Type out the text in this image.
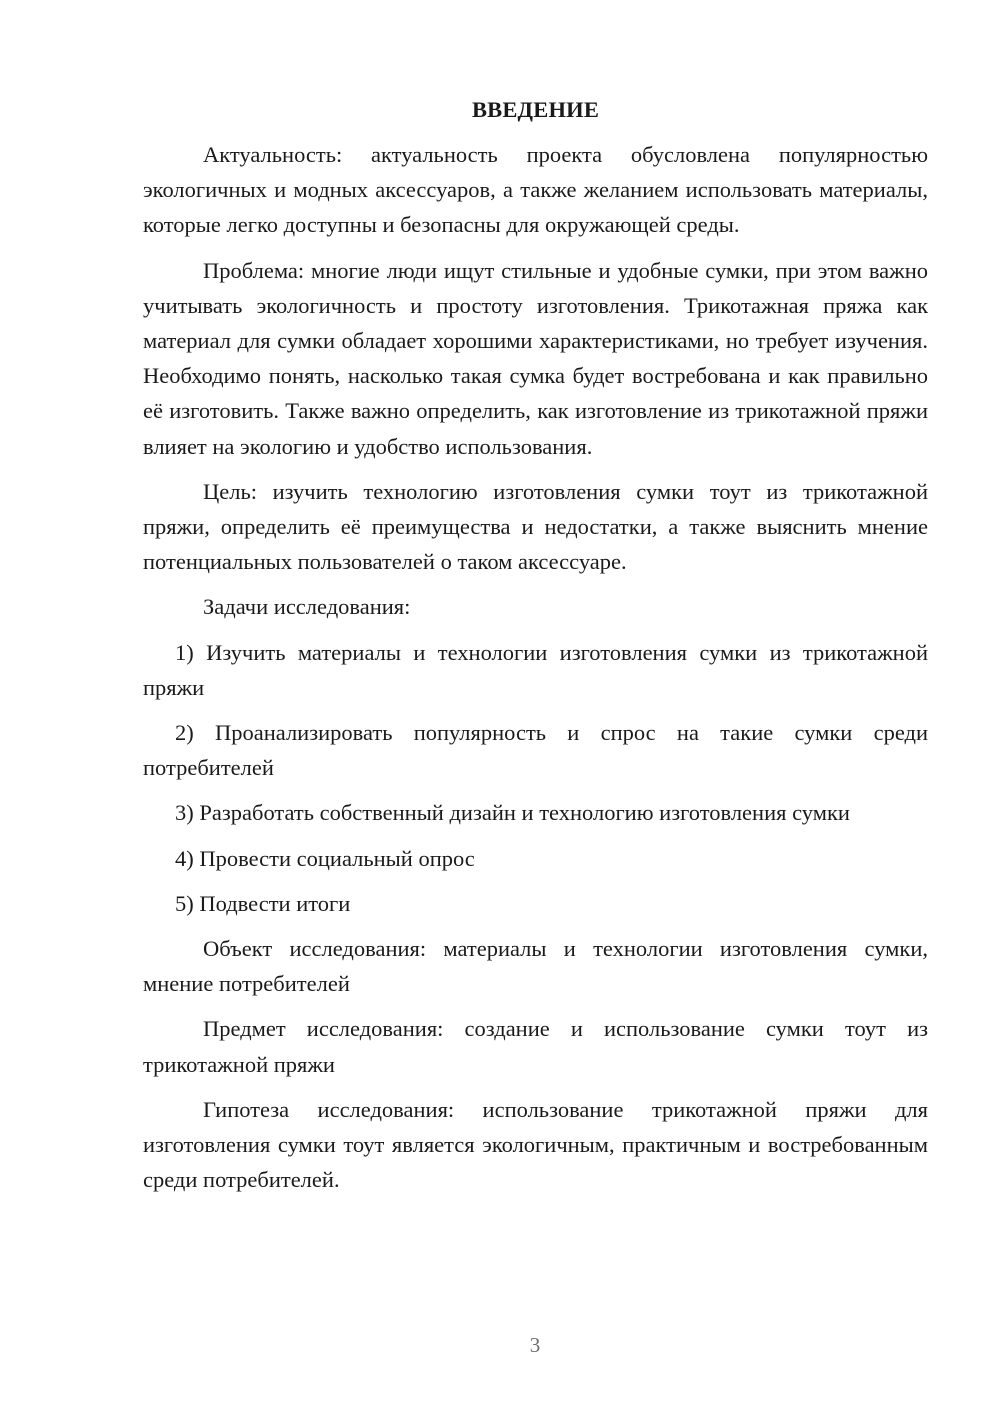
ВВЕДЕНИЕ

Актуальность: актуальность проекта обусловлена популярностью экологичных и модных аксессуаров, а также желанием использовать материалы, которые легко доступны и безопасны для окружающей среды.

Проблема: многие люди ищут стильные и удобные сумки, при этом важно учитывать экологичность и простоту изготовления. Трикотажная пряжа как материал для сумки обладает хорошими характеристиками, но требует изучения. Необходимо понять, насколько такая сумка будет востребована и как правильно её изготовить. Также важно определить, как изготовление из трикотажной пряжи влияет на экологию и удобство использования.

Цель: изучить технологию изготовления сумки тоут из трикотажной пряжи, определить её преимущества и недостатки, а также выяснить мнение потенциальных пользователей о таком аксессуаре.

Задачи исследования:

1) Изучить материалы и технологии изготовления сумки из трикотажной пряжи

2) Проанализировать популярность и спрос на такие сумки среди потребителей

3) Разработать собственный дизайн и технологию изготовления сумки

4) Провести социальный опрос

5) Подвести итоги

Объект исследования: материалы и технологии изготовления сумки, мнение потребителей

Предмет исследования: создание и использование сумки тоут из трикотажной пряжи

Гипотеза исследования: использование трикотажной пряжи для изготовления сумки тоут является экологичным, практичным и востребованным среди потребителей.

3
